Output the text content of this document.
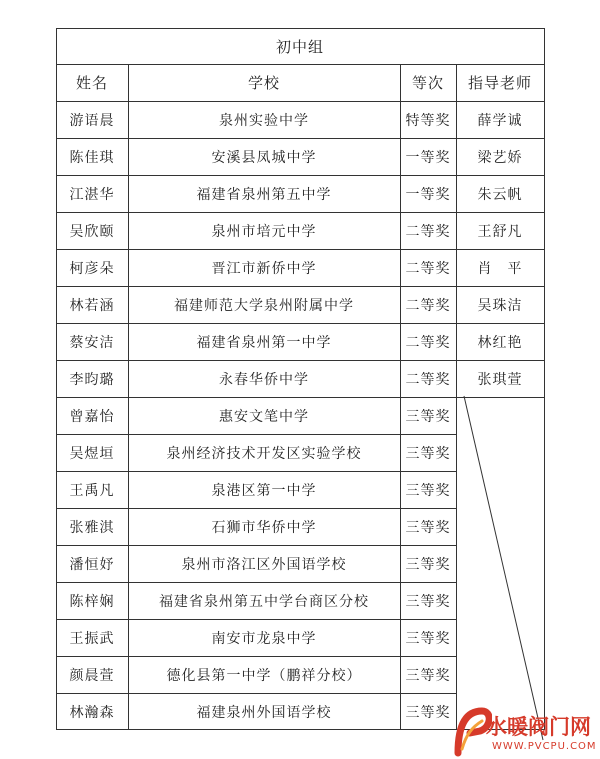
初中组
姓名	学校	等次	指导老师
游语晨	泉州实验中学	特等奖	薛学诚
陈佳琪	安溪县凤城中学	一等奖	梁艺娇
江湛华	福建省泉州第五中学	一等奖	朱云帆
吴欣颐	泉州市培元中学	二等奖	王舒凡
柯彦朵	晋江市新侨中学	二等奖	肖　平
林若涵	福建师范大学泉州附属中学	二等奖	吴珠洁
蔡安洁	福建省泉州第一中学	二等奖	林红艳
李昀璐	永春华侨中学	二等奖	张琪萱
曾嘉怡	惠安文笔中学	三等奖
吴煜垣	泉州经济技术开发区实验学校	三等奖
王禹凡	泉港区第一中学	三等奖
张雅淇	石狮市华侨中学	三等奖
潘恒妤	泉州市洛江区外国语学校	三等奖
陈梓娴	福建省泉州第五中学台商区分校	三等奖
王振武	南安市龙泉中学	三等奖
颜晨萱	德化县第一中学（鹏祥分校）	三等奖
林瀚森	福建泉州外国语学校	三等奖
水暖阀门网
WWW.PVCPU.COM
